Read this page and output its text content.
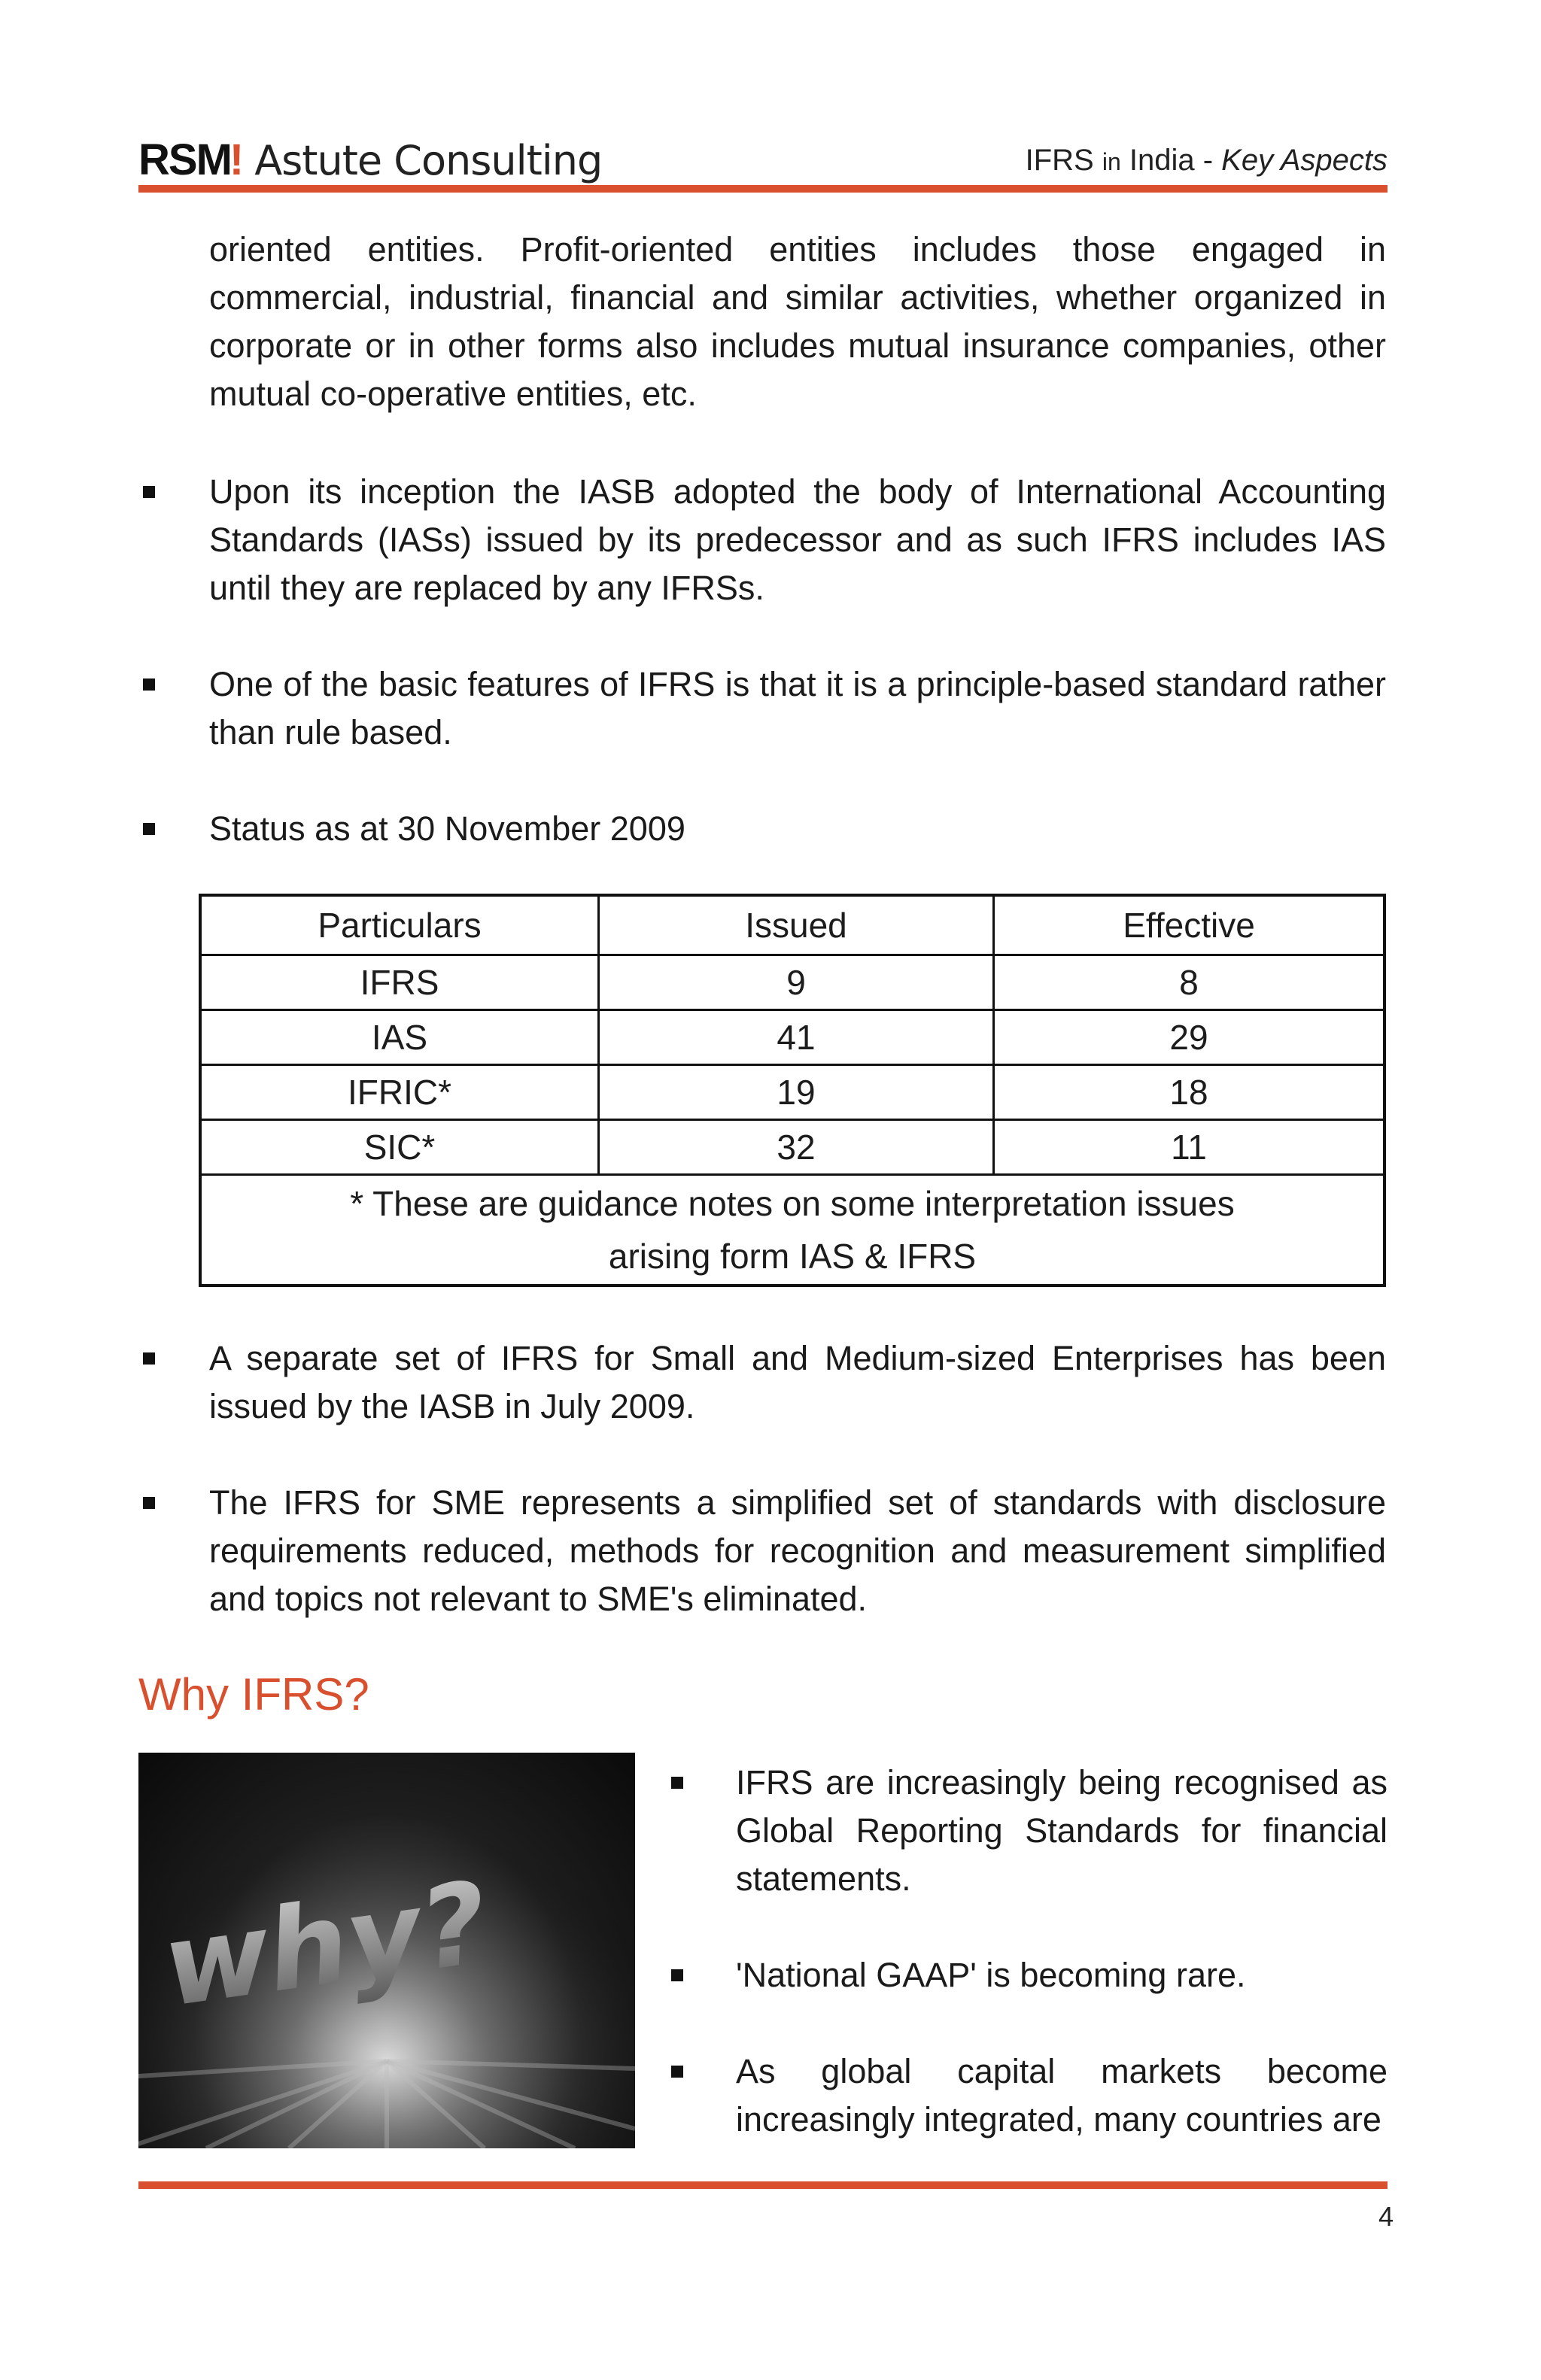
RSM! Astute Consulting	IFRS in India - Key Aspects
oriented entities. Profit-oriented entities includes those engaged in commercial, industrial, financial and similar activities, whether organized in corporate or in other forms also includes mutual insurance companies, other mutual co-operative entities, etc.
Upon its inception the IASB adopted the body of International Accounting Standards (IASs) issued by its predecessor and as such IFRS includes IAS until they are replaced by any IFRSs.
One of the basic features of IFRS is that it is a principle-based standard rather than rule based.
Status as at 30 November 2009
Particulars	Issued	Effective
IFRS	9	8
IAS	41	29
IFRIC*	19	18
SIC*	32	11

* These are guidance notes on some interpretation issues
arising form IAS & IFRS		
A separate set of IFRS for Small and Medium-sized Enterprises has been issued by the IASB in July 2009.
The IFRS for SME represents a simplified set of standards with disclosure requirements reduced, methods for recognition and measurement simplified and topics not relevant to SME's eliminated.
Why IFRS?
why?
IFRS are increasingly being recognised as Global Reporting Standards for financial statements.
'National GAAP' is becoming rare.
As global capital markets become increasingly integrated, many countries are
4
